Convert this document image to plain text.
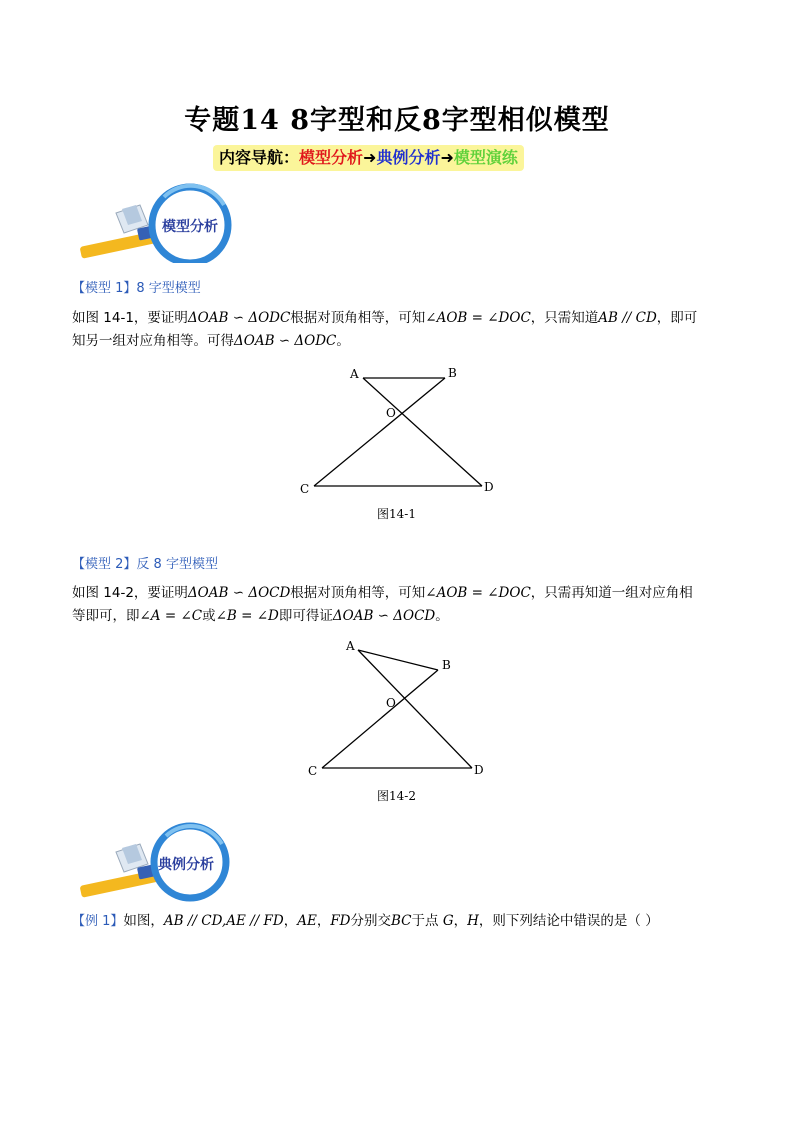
专题14 8字型和反8字型相似模型
内容导航：模型分析➜典例分析➜模型演练
模型分析
【模型 1】8 字型模型
如图 14-1，要证明ΔOAB ∽ ΔODC根据对顶角相等，可知∠AOB = ∠DOC，只需知道AB // CD，即可
知另一组对应角相等。可得ΔOAB ∽ ΔODC。
A	B
O
C	D
图14-1
【模型 2】反 8 字型模型
如图 14-2，要证明ΔOAB ∽ ΔOCD根据对顶角相等，可知∠AOB = ∠DOC，只需再知道一组对应角相
等即可，即∠A = ∠C或∠B = ∠D即可得证ΔOAB ∽ ΔOCD。
A
B
O
C	D
图14-2
典例分析
【例 1】如图，AB // CD,AE // FD，AE，FD分别交BC于点 G，H，则下列结论中错误的是（ ）
